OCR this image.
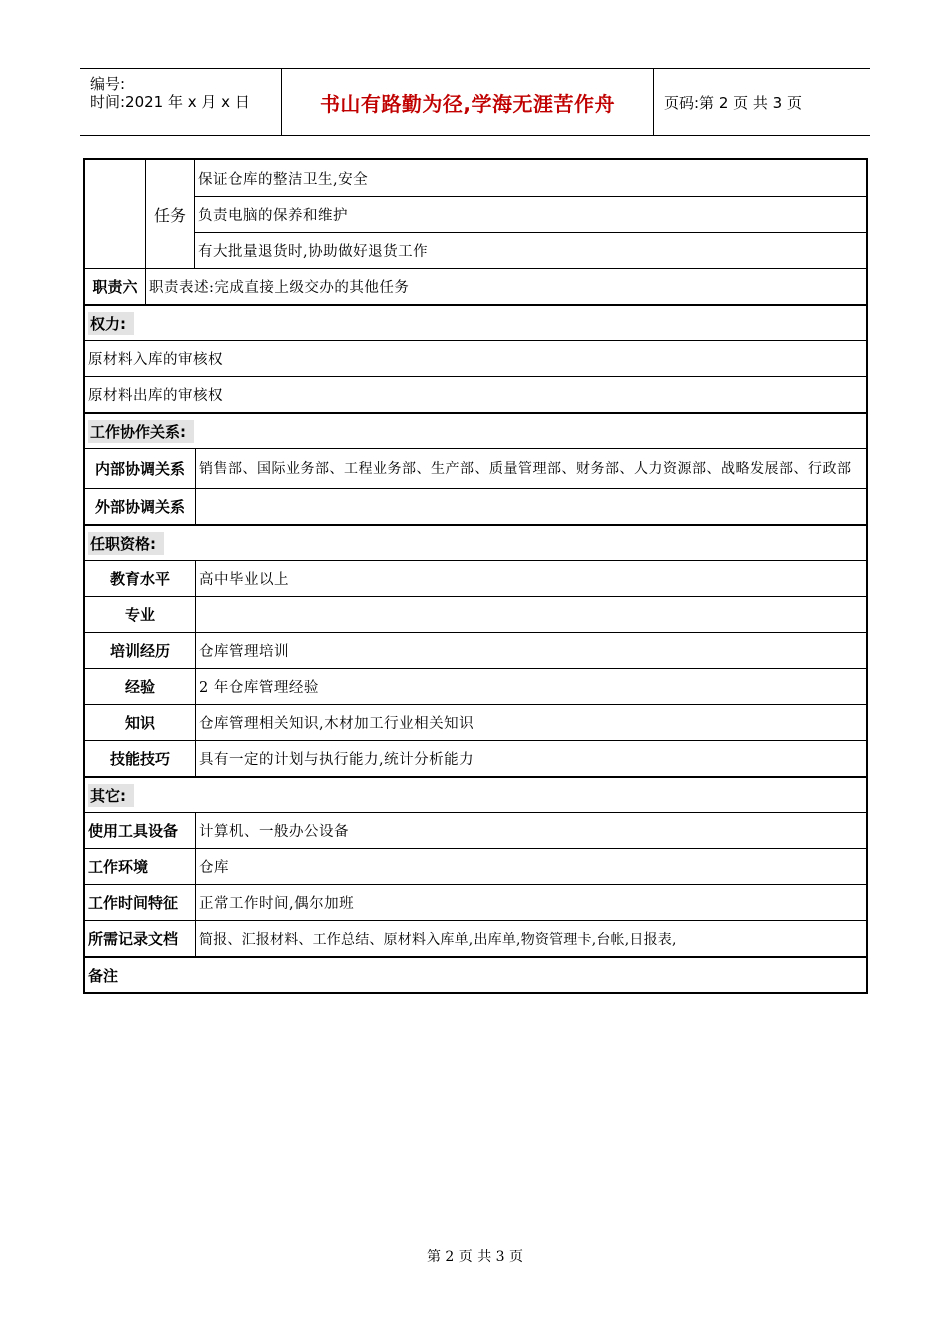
编号:
时间:2021 年 x 月 x 日	书山有路勤为径,学海无涯苦作舟	页码:第 2 页 共 3 页
任务
保证仓库的整洁卫生,安全
负责电脑的保养和维护
有大批量退货时,协助做好退货工作
职责六 职责表述:完成直接上级交办的其他任务
权力:
原材料入库的审核权
原材料出库的审核权
工作协作关系:
内部协调关系	销售部、国际业务部、工程业务部、生产部、质量管理部、财务部、人力资源部、战略发展部、行政部
外部协调关系
任职资格:
教育水平	高中毕业以上
专业
培训经历	仓库管理培训
经验	2 年仓库管理经验
知识	仓库管理相关知识,木材加工行业相关知识
技能技巧	具有一定的计划与执行能力,统计分析能力
其它:
使用工具设备	计算机、一般办公设备
工作环境	仓库
工作时间特征	正常工作时间,偶尔加班
所需记录文档	简报、汇报材料、工作总结、原材料入库单,出库单,物资管理卡,台帐,日报表,
备注
第 2 页 共 3 页
